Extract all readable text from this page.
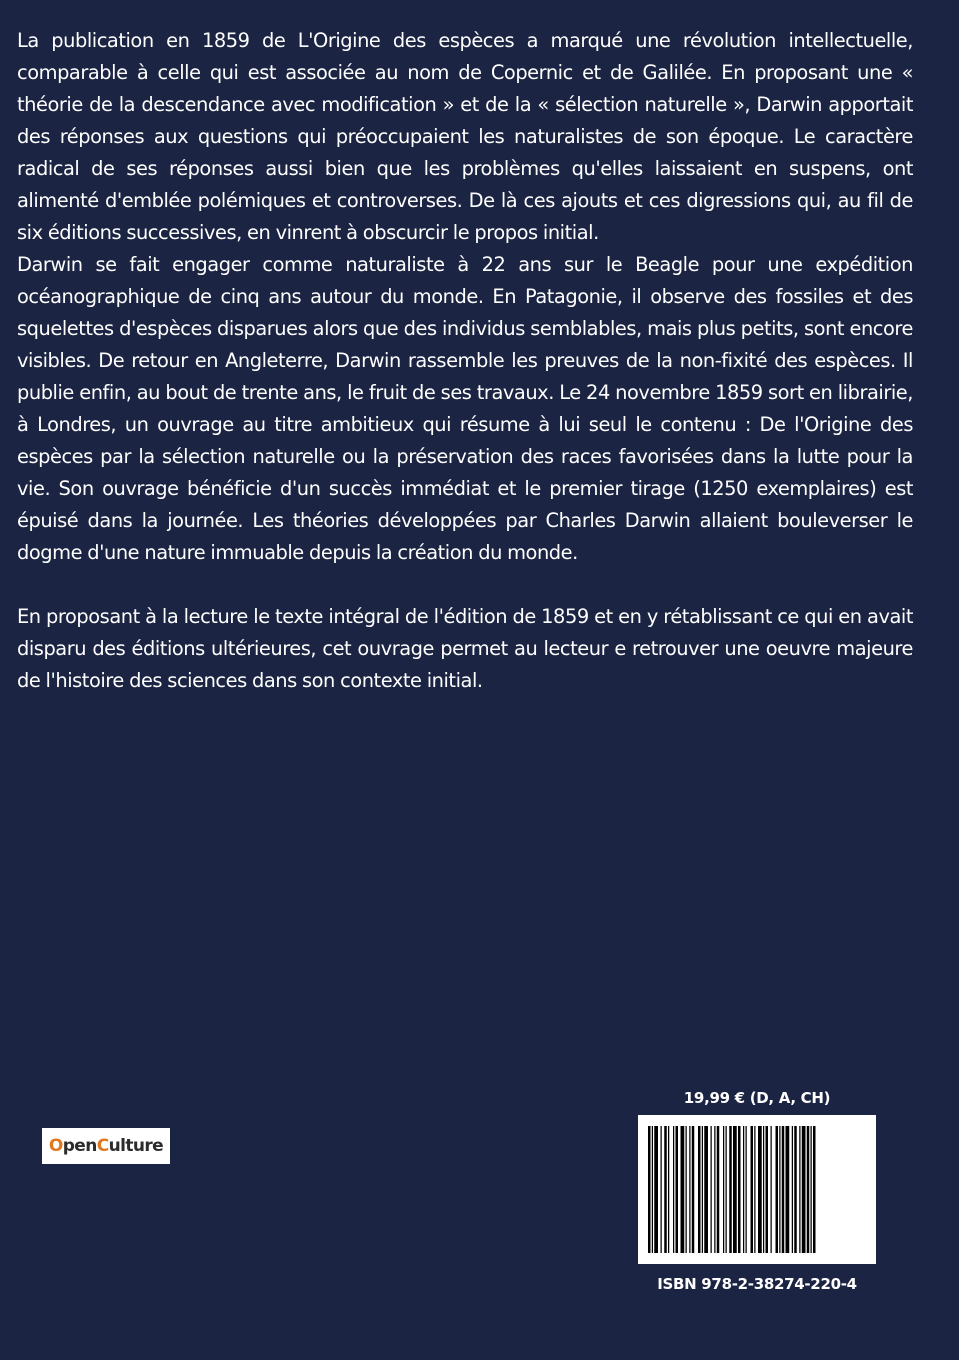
La publication en 1859 de L'Origine des espèces a marqué une révolution intellectuelle, comparable à celle qui est associée au nom de Copernic et de Galilée. En proposant une « théorie de la descendance avec modification » et de la « sélection naturelle », Darwin apportait des réponses aux questions qui préoccupaient les naturalistes de son époque. Le caractère radical de ses réponses aussi bien que les problèmes qu'elles laissaient en suspens, ont alimenté d'emblée polémiques et controverses. De là ces ajouts et ces digressions qui, au fil de six éditions successives, en vinrent à obscurcir le propos initial.

Darwin se fait engager comme naturaliste à 22 ans sur le Beagle pour une expédition océanographique de cinq ans autour du monde. En Patagonie, il observe des fossiles et des squelettes d'espèces disparues alors que des individus semblables, mais plus petits, sont encore visibles. De retour en Angleterre, Darwin rassemble les preuves de la non-fixité des espèces. Il publie enfin, au bout de trente ans, le fruit de ses travaux. Le 24 novembre 1859 sort en librairie, à Londres, un ouvrage au titre ambitieux qui résume à lui seul le contenu : De l'Origine des espèces par la sélection naturelle ou la préservation des races favorisées dans la lutte pour la vie. Son ouvrage bénéficie d'un succès immédiat et le premier tirage (1250 exemplaires) est épuisé dans la journée. Les théories développées par Charles Darwin allaient bouleverser le dogme d'une nature immuable depuis la création du monde.

En proposant à la lecture le texte intégral de l'édition de 1859 et en y rétablissant ce qui en avait disparu des éditions ultérieures, cet ouvrage permet au lecteur e retrouver une oeuvre majeure de l'histoire des sciences dans son contexte initial.

O pen C ulture
19,99 € (D, A, CH)
ISBN 978-2-38274-220-4
